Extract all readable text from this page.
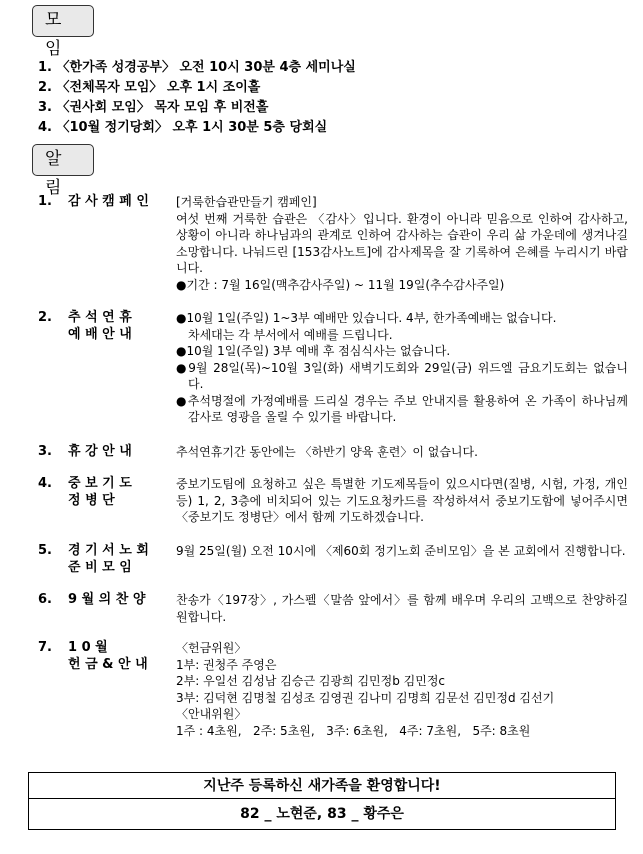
모 임
1. 〈한가족 성경공부〉 오전 10시 30분 4층 세미나실
2. 〈전체목자 모임〉 오후 1시 조이홀
3. 〈권사회 모임〉 목자 모임 후 비전홀
4. 〈10월 정기당회〉 오후 1시 30분 5층 당회실
알 림
1. 감 사 캠 페 인	[거룩한습관만들기 캠페인]

여섯 번째 거룩한 습관은 〈감사〉입니다. 환경이 아니라 믿음으로 인하여 감사하고, 상황이 아니라 하나님과의 관계로 인하여 감사하는 습관이 우리 삶 가운데에 생겨나길 소망합니다. 나눠드린 [153감사노트]에 감사제목을 잘 기록하여 은혜를 누리시기 바랍니다.

●기간 : 7월 16일(맥추감사주일) ~ 11월 19일(추수감사주일)

2. 추 석 연 휴
예 배 안 내

●10월 1일(주일) 1~3부 예배만 있습니다. 4부, 한가족예배는 없습니다.

차세대는 각 부서에서 예배를 드립니다.

●10월 1일(주일) 3부 예배 후 점심식사는 없습니다.

●9월 28일(목)~10월 3일(화) 새벽기도회와 29일(금) 위드엘 금요기도회는 없습니다.

●추석명절에 가정예배를 드리실 경우는 주보 안내지를 활용하여 온 가족이 하나님께 감사로 영광을 올릴 수 있기를 바랍니다.

3. 휴 강 안 내	추석연휴기간 동안에는 〈하반기 양육 훈련〉이 없습니다.

4. 중 보 기 도
정 병 단

중보기도팀에 요청하고 싶은 특별한 기도제목들이 있으시다면(질병, 시험, 가정, 개인 등) 1, 2, 3층에 비치되어 있는 기도요청카드를 작성하셔서 중보기도함에 넣어주시면 〈중보기도 정병단〉에서 함께 기도하겠습니다.

5. 경 기 서 노 회
준 비 모 임

9월 25일(월) 오전 10시에 〈제60회 정기노회 준비모임〉을 본 교회에서 진행합니다.

6. 9 월 의 찬 양	찬송가〈197장〉, 가스펠〈말씀 앞에서〉를 함께 배우며 우리의 고백으로 찬양하길 원합니다.

7. 1 0 월
헌 금 & 안 내

〈헌금위원〉

1부: 권청주 주영은

2부: 우일선 김성남 김승근 김광희 김민정b 김민정c

3부: 김덕현 김명철 김성조 김영권 김나미 김명희 김문선 김민정d 김선기

〈안내위원〉

1주 : 4초원,   2주: 5초원,   3주: 6초원,   4주: 7초원,   5주: 8초원

지난주 등록하신 새가족을 환영합니다!
82 _ 노현준, 83 _ 황주은
